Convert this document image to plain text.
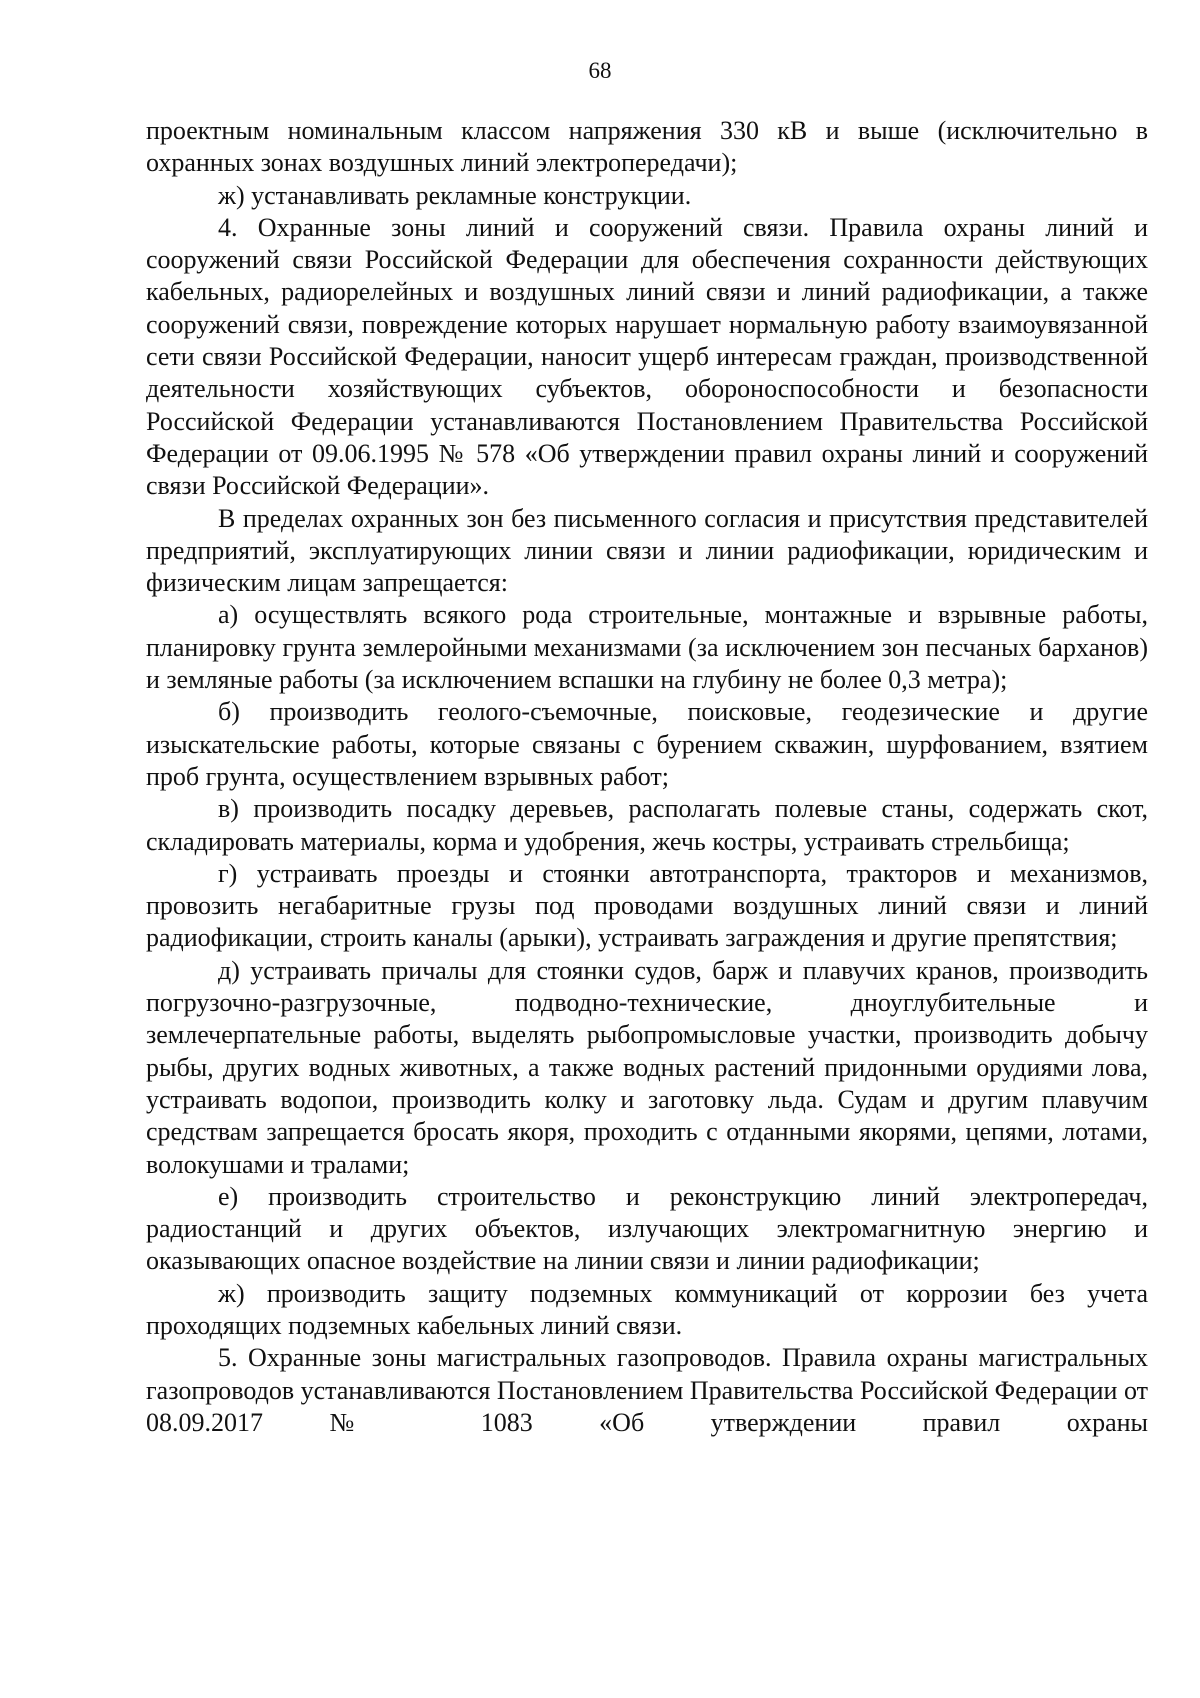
68

проектным номинальным классом напряжения 330 кВ и выше (исключительно в охранных зонах воздушных линий электропередачи);

ж) устанавливать рекламные конструкции.

4. Охранные зоны линий и сооружений связи. Правила охраны линий и сооружений связи Российской Федерации для обеспечения сохранности действующих кабельных, радиорелейных и воздушных линий связи и линий радиофикации, а также сооружений связи, повреждение которых нарушает нормальную работу взаимоувязанной сети связи Российской Федерации, наносит ущерб интересам граждан, производственной деятельности хозяйствующих субъектов, обороноспособности и безопасности Российской Федерации устанавливаются Постановлением Правительства Российской Федерации от 09.06.1995 № 578 «Об утверждении правил охраны линий и сооружений связи Российской Федерации».

В пределах охранных зон без письменного согласия и присутствия представителей предприятий, эксплуатирующих линии связи и линии радиофикации, юридическим и физическим лицам запрещается:

а) осуществлять всякого рода строительные, монтажные и взрывные работы, планировку грунта землеройными механизмами (за исключением зон песчаных барханов) и земляные работы (за исключением вспашки на глубину не более 0,3 метра);

б) производить геолого-съемочные, поисковые, геодезические и другие изыскательские работы, которые связаны с бурением скважин, шурфованием, взятием проб грунта, осуществлением взрывных работ;

в) производить посадку деревьев, располагать полевые станы, содержать скот, складировать материалы, корма и удобрения, жечь костры, устраивать стрельбища;

г) устраивать проезды и стоянки автотранспорта, тракторов и механизмов, провозить негабаритные грузы под проводами воздушных линий связи и линий радиофикации, строить каналы (арыки), устраивать заграждения и другие препятствия;

д) устраивать причалы для стоянки судов, барж и плавучих кранов, производить погрузочно-разгрузочные, подводно-технические, дноуглубительные и землечерпательные работы, выделять рыбопромысловые участки, производить добычу рыбы, других водных животных, а также водных растений придонными орудиями лова, устраивать водопои, производить колку и заготовку льда. Судам и другим плавучим средствам запрещается бросать якоря, проходить с отданными якорями, цепями, лотами, волокушами и тралами;

е) производить строительство и реконструкцию линий электропередач, радиостанций и других объектов, излучающих электромагнитную энергию и оказывающих опасное воздействие на линии связи и линии радиофикации;

ж) производить защиту подземных коммуникаций от коррозии без учета проходящих подземных кабельных линий связи.

5. Охранные зоны магистральных газопроводов. Правила охраны магистральных газопроводов устанавливаются Постановлением Правительства Российской Федерации от 08.09.2017 № 1083 «Об утверждении правил охраны
